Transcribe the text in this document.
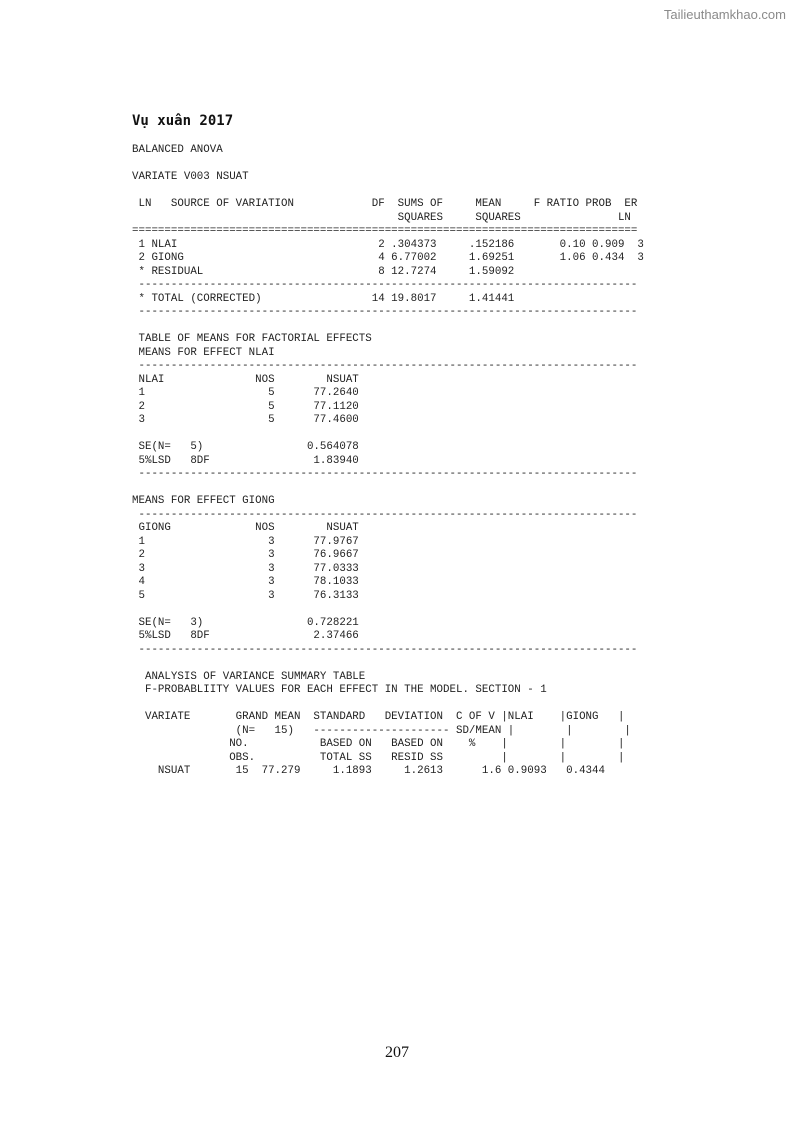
Tailieuthamkhao.com
Vụ xuân 2017
BALANCED ANOVA

VARIATE V003 NSUAT

LN   SOURCE OF VARIATION            DF  SUMS OF     MEAN     F RATIO PROB  ER
SQUARES     SQUARES               LN
==============================================================================
1 NLAI                               2 .304373     .152186       0.10 0.909  3
2 GIONG                              4 6.77002     1.69251       1.06 0.434  3
* RESIDUAL                           8 12.7274     1.59092
-----------------------------------------------------------------------------
* TOTAL (CORRECTED)                 14 19.8017     1.41441
-----------------------------------------------------------------------------

TABLE OF MEANS FOR FACTORIAL EFFECTS
MEANS FOR EFFECT NLAI
-----------------------------------------------------------------------------
NLAI              NOS        NSUAT
1                   5      77.2640
2                   5      77.1120
3                   5      77.4600

SE(N=   5)                0.564078
5%LSD   8DF                1.83940
-----------------------------------------------------------------------------

MEANS FOR EFFECT GIONG
-----------------------------------------------------------------------------
GIONG             NOS        NSUAT
1                   3      77.9767
2                   3      76.9667
3                   3      77.0333
4                   3      78.1033
5                   3      76.3133

SE(N=   3)                0.728221
5%LSD   8DF                2.37466
-----------------------------------------------------------------------------

ANALYSIS OF VARIANCE SUMMARY TABLE
F-PROBABLIITY VALUES FOR EACH EFFECT IN THE MODEL. SECTION - 1

VARIATE       GRAND MEAN  STANDARD   DEVIATION  C OF V |NLAI    |GIONG   |
(N=   15)   --------------------- SD/MEAN |        |        |
NO.           BASED ON   BASED ON    %    |        |        |
OBS.          TOTAL SS   RESID SS         |        |        |
NSUAT       15  77.279     1.1893     1.2613      1.6 0.9093   0.4344

207
